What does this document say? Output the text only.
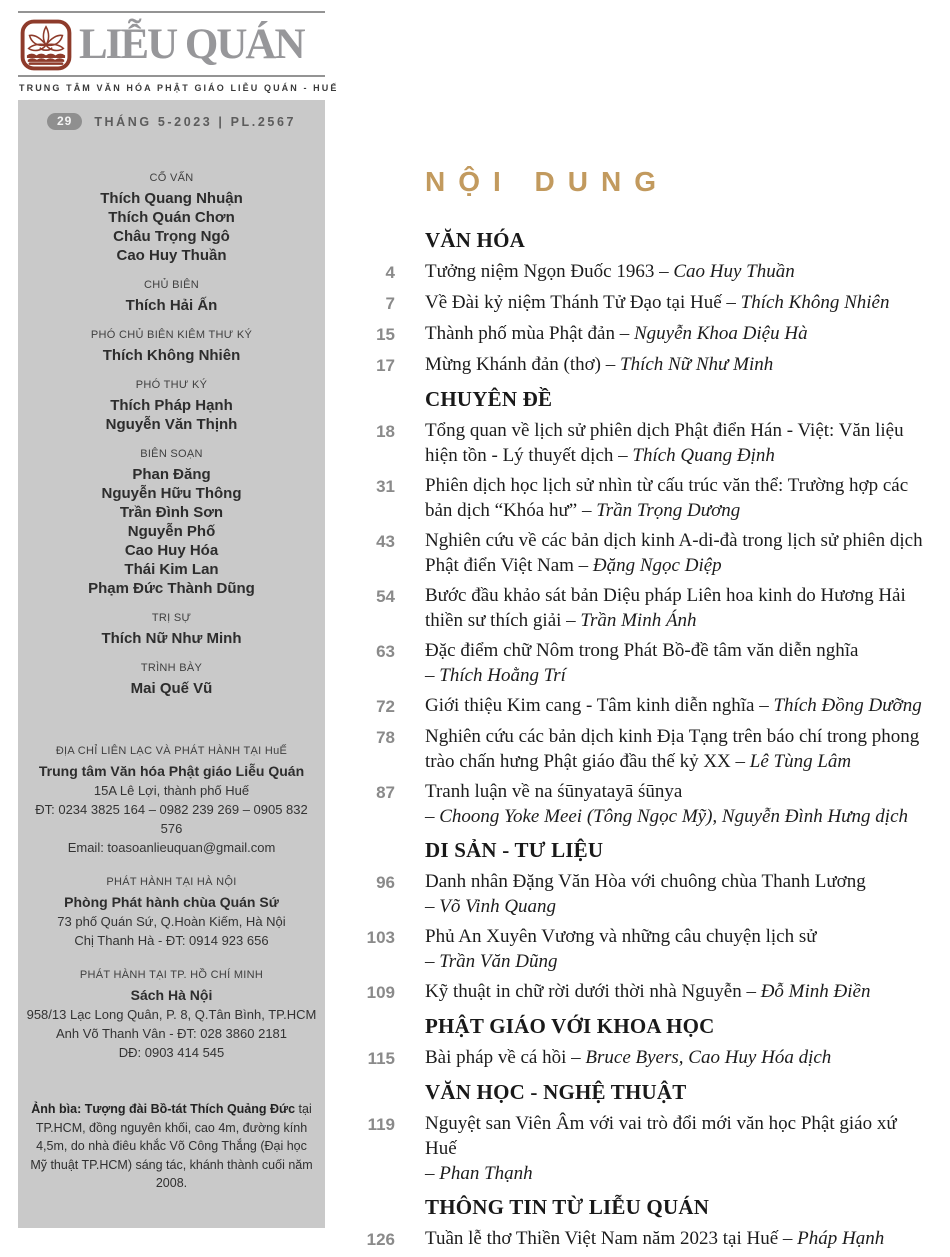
LIỄU QUÁN
TRUNG TÂM VĂN HÓA PHẬT GIÁO LIỄU QUÁN - HUẾ
29	THÁNG 5-2023 | PL.2567
CỐ VẤN
Thích Quang Nhuận
Thích Quán Chơn
Châu Trọng Ngô
Cao Huy Thuần
CHỦ BIÊN
Thích Hải Ấn
PHÓ CHỦ BIÊN KIÊM THƯ KÝ
Thích Không Nhiên
PHÓ THƯ KÝ
Thích Pháp Hạnh
Nguyễn Văn Thịnh
BIÊN SOẠN
Phan Đăng
Nguyễn Hữu Thông
Trần Đình Sơn
Nguyễn Phố
Cao Huy Hóa
Thái Kim Lan
Phạm Đức Thành Dũng
TRỊ SỰ
Thích Nữ Như Minh
TRÌNH BÀY
Mai Quế Vũ
ĐỊA CHỈ LIÊN LẠC VÀ PHÁT HÀNH TẠI HuẾ
Trung tâm Văn hóa Phật giáo Liễu Quán
15A Lê Lợi, thành phố Huế
ĐT: 0234 3825 164 – 0982 239 269 – 0905 832 576
Email: toasoanlieuquan@gmail.com
PHÁT HÀNH TẠI HÀ NỘI
Phòng Phát hành chùa Quán Sứ
73 phố Quán Sứ, Q.Hoàn Kiếm, Hà Nội
Chị Thanh Hà - ĐT: 0914 923 656
PHÁT HÀNH TẠI TP. HỒ CHÍ MINH
Sách Hà Nội
958/13 Lạc Long Quân, P. 8, Q.Tân Bình, TP.HCM
Anh Võ Thanh Vân - ĐT: 028 3860 2181
DĐ: 0903 414 545
Ảnh bìa: Tượng đài Bồ-tát Thích Quảng Đức tại TP.HCM, đồng nguyên khối, cao 4m, đường kính 4,5m, do nhà điêu khắc Võ Công Thắng (Đại học Mỹ thuật TP.HCM) sáng tác, khánh thành cuối năm 2008.
NỘI DUNG
VĂN HÓA
4 Tưởng niệm Ngọn Đuốc 1963 – Cao Huy Thuần
7 Về Đài kỷ niệm Thánh Tử Đạo tại Huế – Thích Không Nhiên
15 Thành phố mùa Phật đản – Nguyễn Khoa Diệu Hà
17 Mừng Khánh đản (thơ) – Thích Nữ Như Minh
CHUYÊN ĐỀ
18 Tổng quan về lịch sử phiên dịch Phật điển Hán - Việt: Văn liệu hiện tồn - Lý thuyết dịch – Thích Quang Định
31 Phiên dịch học lịch sử nhìn từ cấu trúc văn thể: Trường hợp các bản dịch “Khóa hư” – Trần Trọng Dương
43 Nghiên cứu về các bản dịch kinh A-di-đà trong lịch sử phiên dịch Phật điển Việt Nam – Đặng Ngọc Diệp
54 Bước đầu khảo sát bản Diệu pháp Liên hoa kinh do Hương Hải thiền sư thích giải – Trần Minh Ánh
63 Đặc điểm chữ Nôm trong Phát Bồ-đề tâm văn diễn nghĩa
– Thích Hoằng Trí
72 Giới thiệu Kim cang - Tâm kinh diễn nghĩa – Thích Đồng Dưỡng
78 Nghiên cứu các bản dịch kinh Địa Tạng trên báo chí trong phong trào chấn hưng Phật giáo đầu thế kỷ XX – Lê Tùng Lâm
87 Tranh luận về na śūnyatayā śūnya
– Choong Yoke Meei (Tông Ngọc Mỹ), Nguyễn Đình Hưng dịch
DI SẢN - TƯ LIỆU
96 Danh nhân Đặng Văn Hòa với chuông chùa Thanh Lương
– Võ Vinh Quang
103 Phủ An Xuyên Vương và những câu chuyện lịch sử
– Trần Văn Dũng
109 Kỹ thuật in chữ rời dưới thời nhà Nguyễn – Đỗ Minh Điền
PHẬT GIÁO VỚI KHOA HỌC
115 Bài pháp về cá hồi – Bruce Byers, Cao Huy Hóa dịch
VĂN HỌC - NGHỆ THUẬT
119 Nguyệt san Viên Âm với vai trò đổi mới văn học Phật giáo xứ Huế
– Phan Thạnh
THÔNG TIN TỪ LIỄU QUÁN
126 Tuần lễ thơ Thiền Việt Nam năm 2023 tại Huế – Pháp Hạnh
